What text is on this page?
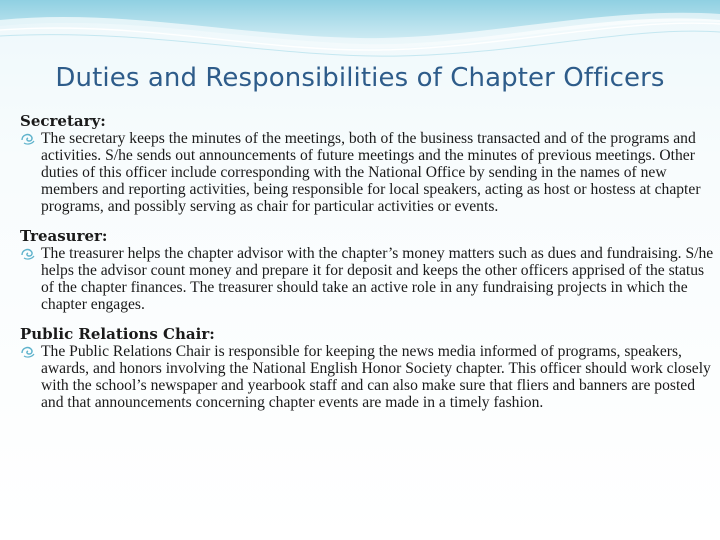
Duties and Responsibilities of Chapter Officers

Secretary:

The secretary keeps the minutes of the meetings, both of the business transacted and of the programs and activities. S/he sends out announcements of future meetings and the minutes of previous meetings. Other duties of this officer include corresponding with the National Office by sending in the names of new members and reporting activities, being responsible for local speakers, acting as host or hostess at chapter programs, and possibly serving as chair for particular activities or events.

Treasurer:

The treasurer helps the chapter advisor with the chapter’s money matters such as dues and fundraising. S/he helps the advisor count money and prepare it for deposit and keeps the other officers apprised of the status of the chapter finances. The treasurer should take an active role in any fundraising projects in which the chapter engages.

Public Relations Chair:

The Public Relations Chair is responsible for keeping the news media informed of programs, speakers, awards, and honors involving the National English Honor Society chapter. This officer should work closely with the school’s newspaper and yearbook staff and can also make sure that fliers and banners are posted and that announcements concerning chapter events are made in a timely fashion.
